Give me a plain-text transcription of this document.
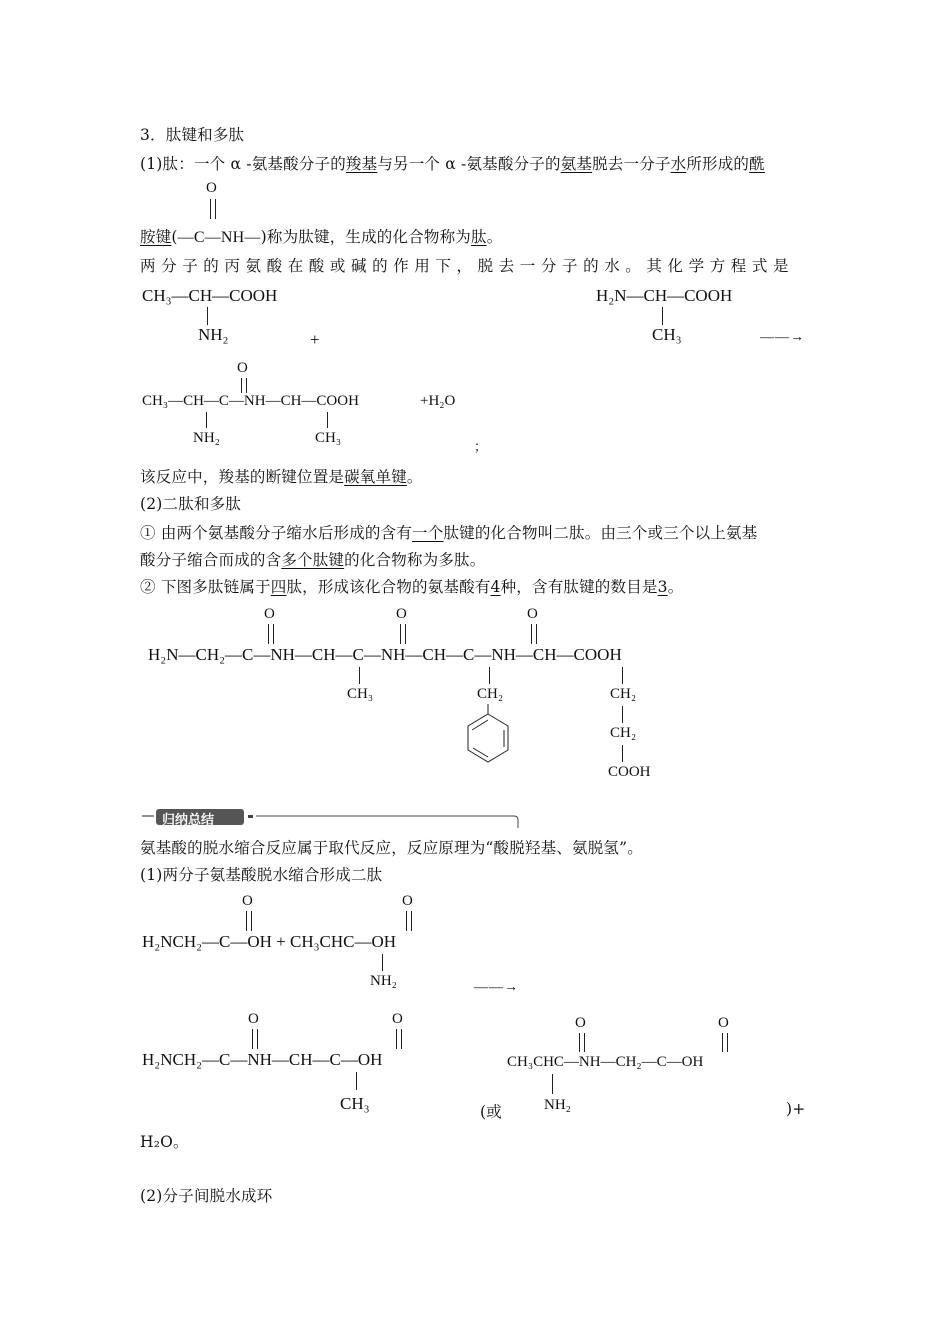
3．肽键和多肽
(1)肽：一个 α -氨基酸分子的羧基与另一个 α -氨基酸分子的氨基脱去一分子水所形成的酰
O
胺键(—C—NH—)称为肽键，生成的化合物称为肽。
两分子的丙氨酸在酸或碱的作用下，脱去一分子的水。其化学方程式是
CH₃—CH—COOH
NH₂	+
H₂N—CH—COOH
CH₃	——→
O
CH₃—CH—C—NH—CH—COOH	+H₂O
NH₂	CH₃
；
该反应中，羧基的断键位置是碳氧单键。
(2)二肽和多肽
① 由两个氨基酸分子缩水后形成的含有一个肽键的化合物叫二肽。由三个或三个以上氨基
酸分子缩合而成的含多个肽键的化合物称为多肽。
② 下图多肽链属于四肽，形成该化合物的氨基酸有4种，含有肽键的数目是3。
O	O	O
H₂N—CH₂—C—NH—CH—C—NH—CH—C—NH—CH—COOH
CH₃	CH₂	CH₂
CH₂
COOH
归纳总结
氨基酸的脱水缩合反应属于取代反应，反应原理为“酸脱羟基、氨脱氢”。
(1)两分子氨基酸脱水缩合形成二肽
O	O
H₂NCH₂—C—OH + CH₃CHC—OH
NH₂	——→
O	O
H₂NCH₂—C—NH—CH—C—OH
CH₃	(或
O	O
CH₃CHC—NH—CH₂—C—OH
NH₂	)+
H₂O。
(2)分子间脱水成环
